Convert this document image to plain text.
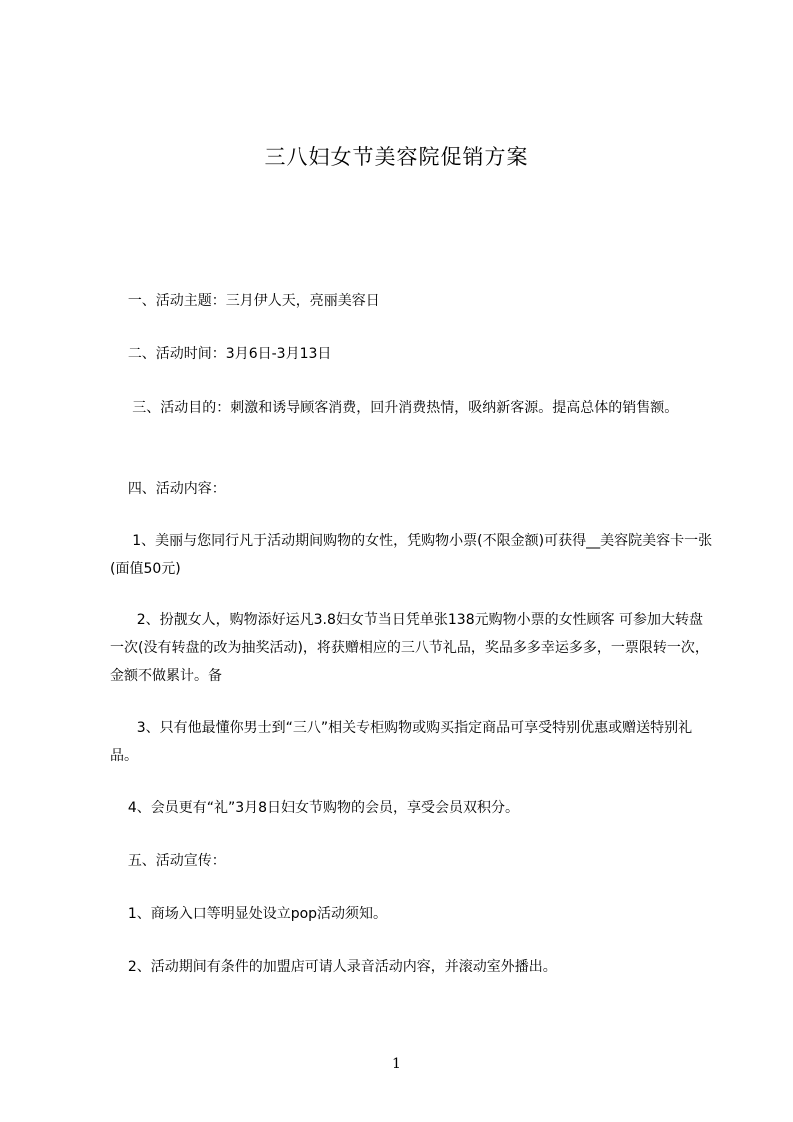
三八妇女节美容院促销方案
一、活动主题：三月伊人天，亮丽美容日
二、活动时间：3月6日-3月13日
三、活动目的：刺激和诱导顾客消费，回升消费热情，吸纳新客源。提高总体的销售额。
四、活动内容：
1、美丽与您同行凡于活动期间购物的女性，凭购物小票(不限金额)可获得__美容院美容卡一张(面值50元)
2、扮靓女人，购物添好运凡3.8妇女节当日凭单张138元购物小票的女性顾客 可参加大转盘一次(没有转盘的改为抽奖活动)，将获赠相应的三八节礼品，奖品多多幸运多多，一票限转一次，金额不做累计。备
3、只有他最懂你男士到“三八”相关专柜购物或购买指定商品可享受特别优惠或赠送特别礼品。
4、会员更有“礼”3月8日妇女节购物的会员，享受会员双积分。
五、活动宣传：
1、商场入口等明显处设立pop活动须知。
2、活动期间有条件的加盟店可请人录音活动内容，并滚动室外播出。
1
